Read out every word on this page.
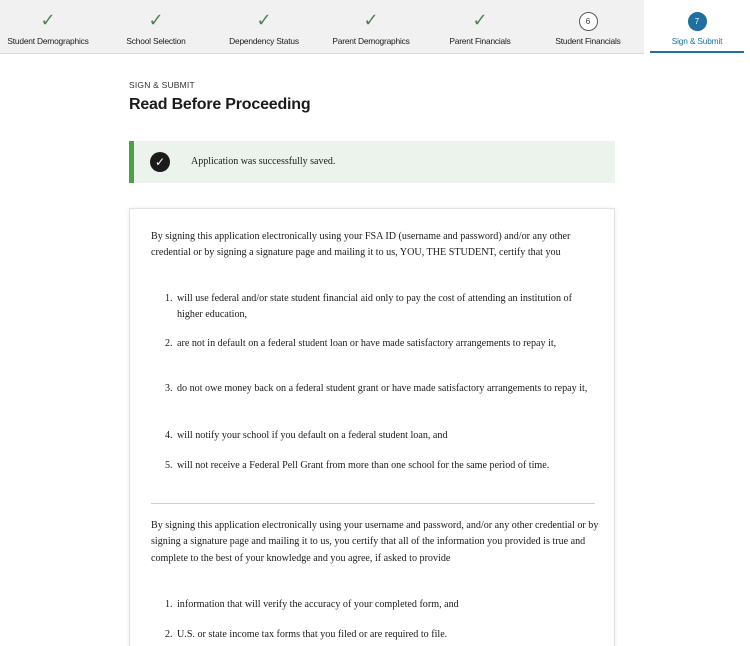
✓
Student Demographics
✓
School Selection
✓
Dependency Status
✓
Parent Demographics
✓
Parent Financials
6
Student Financials
7
Sign & Submit
SIGN & SUBMIT
Read Before Proceeding
✓	Application was successfully saved.
By signing this application electronically using your FSA ID (username and password) and/or any other credential or by signing a signature page and mailing it to us, YOU, THE STUDENT, certify that you
1. will use federal and/or state student financial aid only to pay the cost of attending an institution of higher education,
2. are not in default on a federal student loan or have made satisfactory arrangements to repay it,
3. do not owe money back on a federal student grant or have made satisfactory arrangements to repay it,
4. will notify your school if you default on a federal student loan, and
5. will not receive a Federal Pell Grant from more than one school for the same period of time.
By signing this application electronically using your username and password, and/or any other credential or by signing a signature page and mailing it to us, you certify that all of the information you provided is true and complete to the best of your knowledge and you agree, if asked to provide
1. information that will verify the accuracy of your completed form, and
2. U.S. or state income tax forms that you filed or are required to file.
